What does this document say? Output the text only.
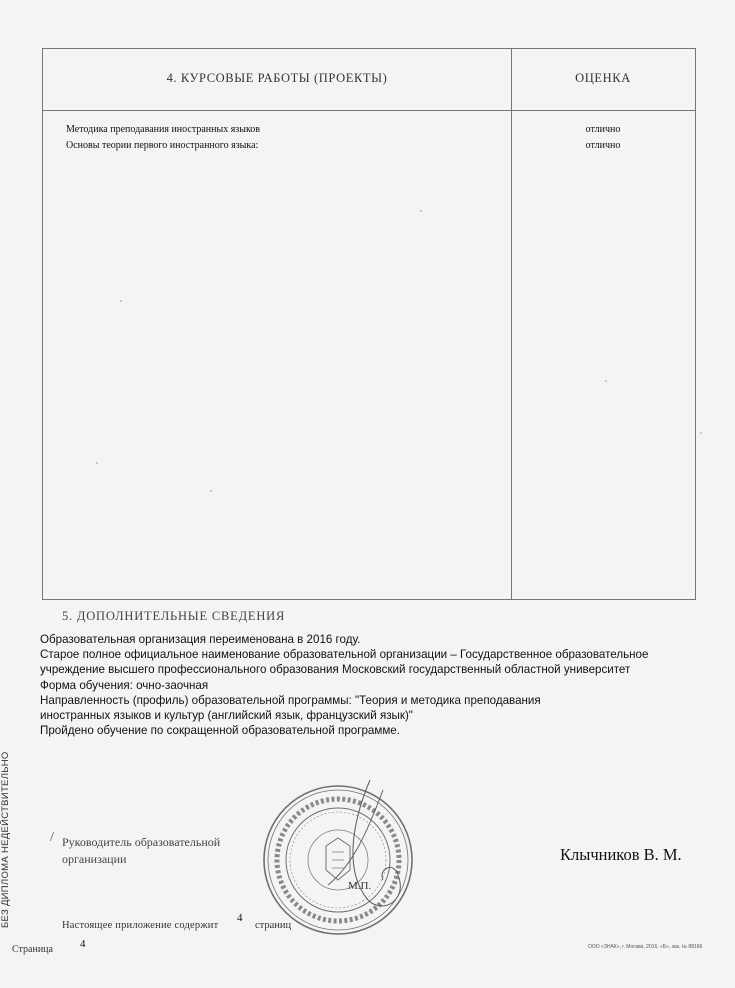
4. КУРСОВЫЕ РАБОТЫ (ПРОЕКТЫ)	ОЦЕНКА
Методика преподавания иностранных языков	отлично
Основы теории первого иностранного языка:	отлично
5. ДОПОЛНИТЕЛЬНЫЕ СВЕДЕНИЯ
Образовательная организация переименована в 2016 году.
Старое полное официальное наименование образовательной организации – Государственное образовательное
учреждение высшего профессионального образования Московский государственный областной университет
Форма обучения: очно-заочная
Направленность (профиль) образовательной программы: "Теория и методика преподавания
иностранных языков и культур (английский язык, французский язык)"
Пройдено обучение по сокращенной образовательной программе.
БЕЗ ДИПЛОМА НЕДЕЙСТВИТЕЛЬНО	/ Руководитель образовательной
организации
М.П.
Клычников В. М.
Настоящее приложение содержит
4
страниц
Страница 4	ООО «ЗНАК», г. Москва, 2016, «Б», зак. № 88166
